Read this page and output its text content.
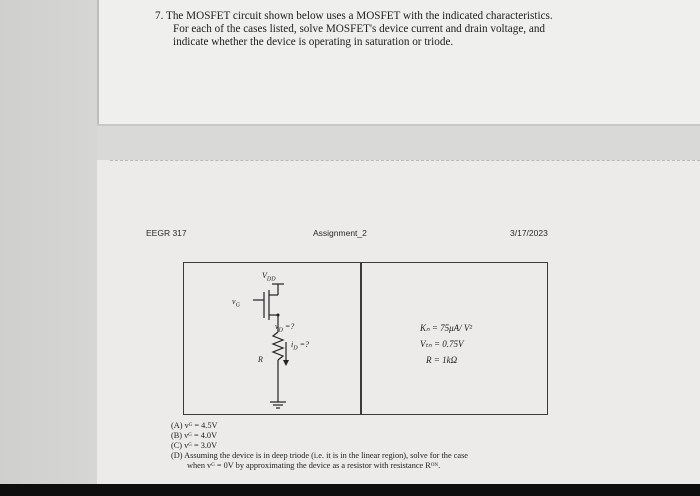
7. The MOSFET circuit shown below uses a MOSFET with the indicated characteristics.
For each of the cases listed, solve MOSFET's device current and drain voltage, and
indicate whether the device is operating in saturation or triode.
EEGR 317	Assignment_2	3/17/2023
$V_{DD}$
$v_G$
$v_D$ =?
$i_D$ =?
R
Kₙ = 75μA/ V²
Vₜₙ = 0.75V
R = 1kΩ
(A) vᴳ = 4.5V
(B) vᴳ = 4.0V
(C) vᴳ = 3.0V
(D) Assuming the device is in deep triode (i.e. it is in the linear region), solve for the case
when vᴳ = 0V by approximating the device as a resistor with resistance Rᴼᴺ.
